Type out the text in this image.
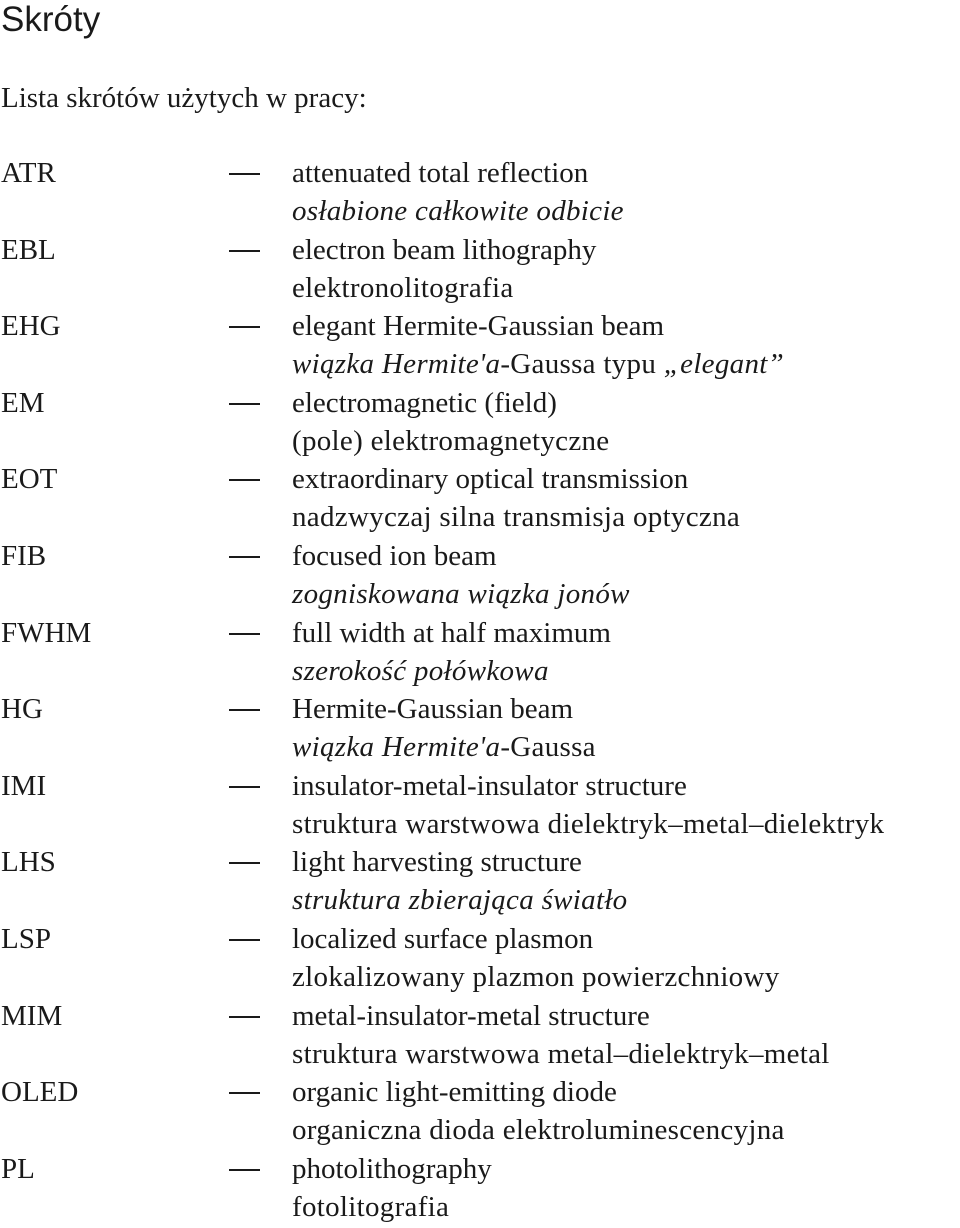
Skróty

Lista skrótów użytych w pracy:

ATR	attenuated total reflection
osłabione całkowite odbicie
EBL	electron beam lithography
elektronolitografia
EHG	elegant Hermite-Gaussian beam
wiązka Hermite'a-Gaussa typu „elegant”
EM	electromagnetic (field)
(pole) elektromagnetyczne
EOT	extraordinary optical transmission
nadzwyczaj silna transmisja optyczna
FIB	focused ion beam
zogniskowana wiązka jonów
FWHM	full width at half maximum
szerokość połówkowa
HG	Hermite-Gaussian beam
wiązka Hermite'a-Gaussa
IMI	insulator-metal-insulator structure
struktura warstwowa dielektryk–metal–dielektryk
LHS	light harvesting structure
struktura zbierająca światło
LSP	localized surface plasmon
zlokalizowany plazmon powierzchniowy
MIM	metal-insulator-metal structure
struktura warstwowa metal–dielektryk–metal
OLED	organic light-emitting diode
organiczna dioda elektroluminescencyjna
PL	photolithography
fotolitografia
